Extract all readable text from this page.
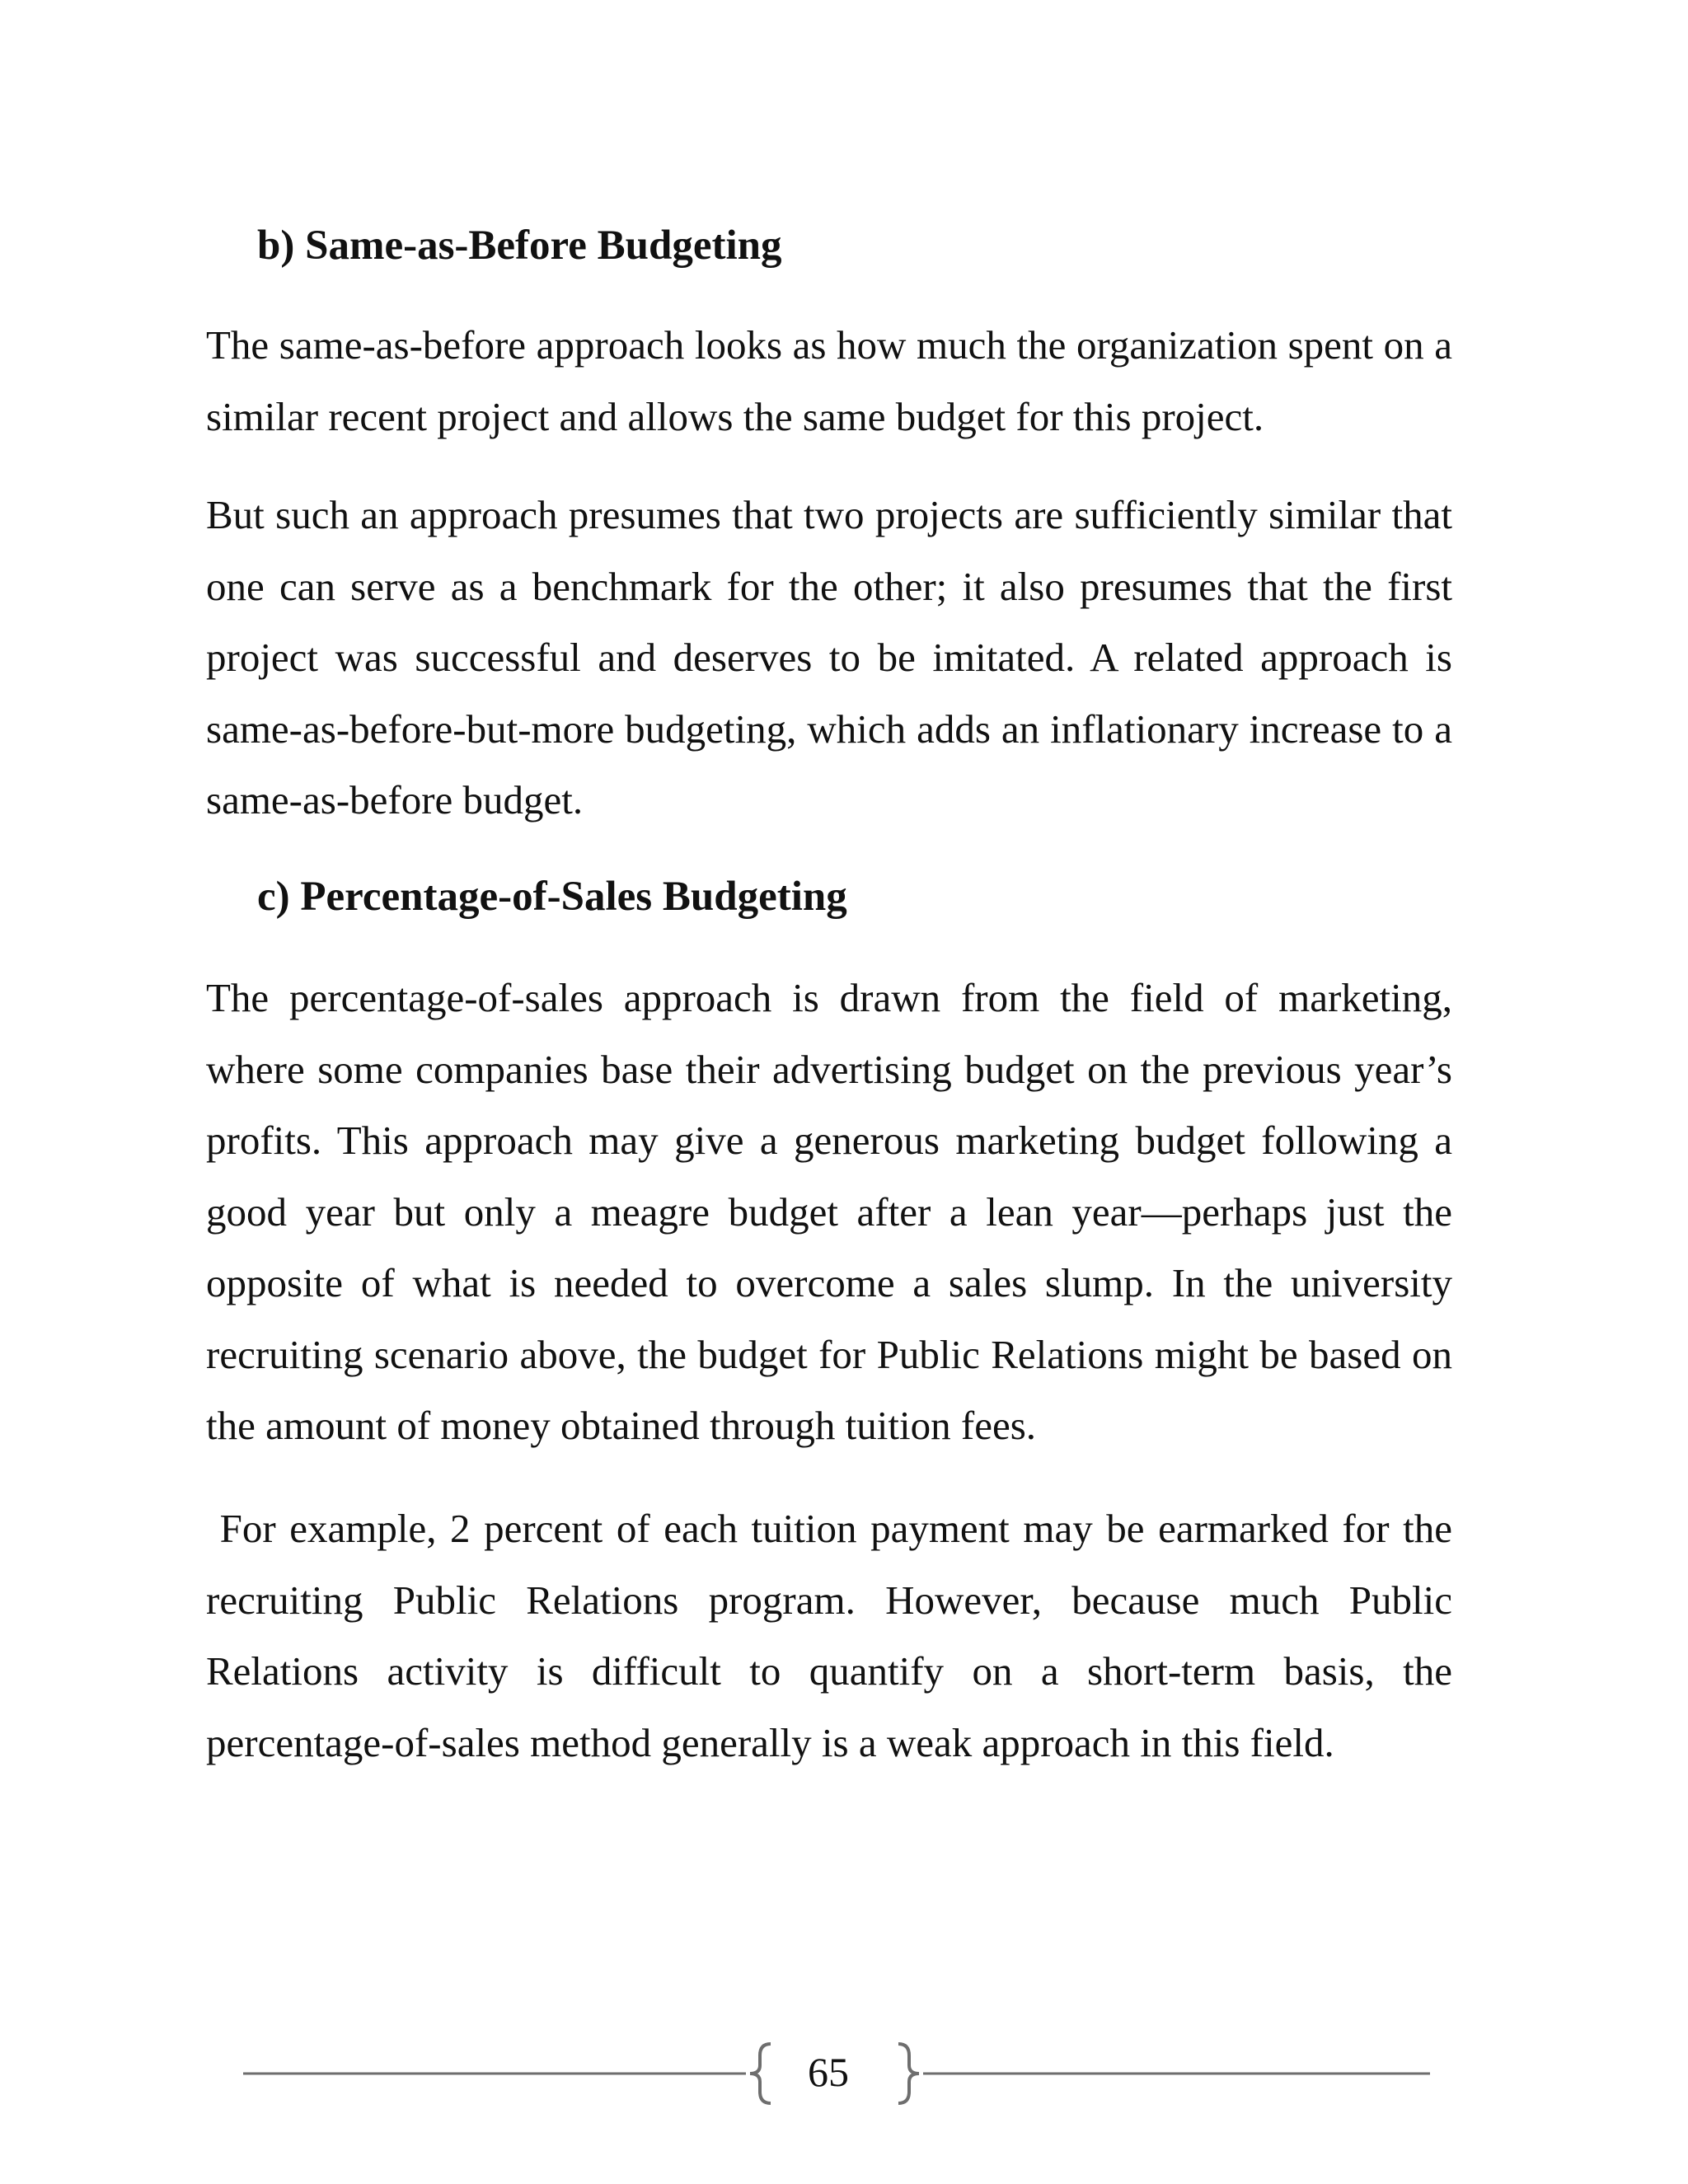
b) Same-as-Before Budgeting

The same-as-before approach looks as how much the organization spent on a similar recent project and allows the same budget for this project.

But such an approach presumes that two projects are sufficiently similar that one can serve as a benchmark for the other; it also presumes that the first project was successful and deserves to be imitated. A related approach is same-as-before-but-more budgeting, which adds an inflationary increase to a same-as-before budget.

c) Percentage-of-Sales Budgeting

The percentage-of-sales approach is drawn from the field of marketing, where some companies base their advertising budget on the previous year’s profits. This approach may give a generous marketing budget following a good year but only a meagre budget after a lean year—perhaps just the opposite of what is needed to overcome a sales slump. In the university recruiting scenario above, the budget for Public Relations might be based on the amount of money obtained through tuition fees.

For example, 2 percent of each tuition payment may be earmarked for the recruiting Public Relations program. However, because much Public Relations activity is difficult to quantify on a short-term basis, the percentage-of-sales method generally is a weak approach in this field.

65
